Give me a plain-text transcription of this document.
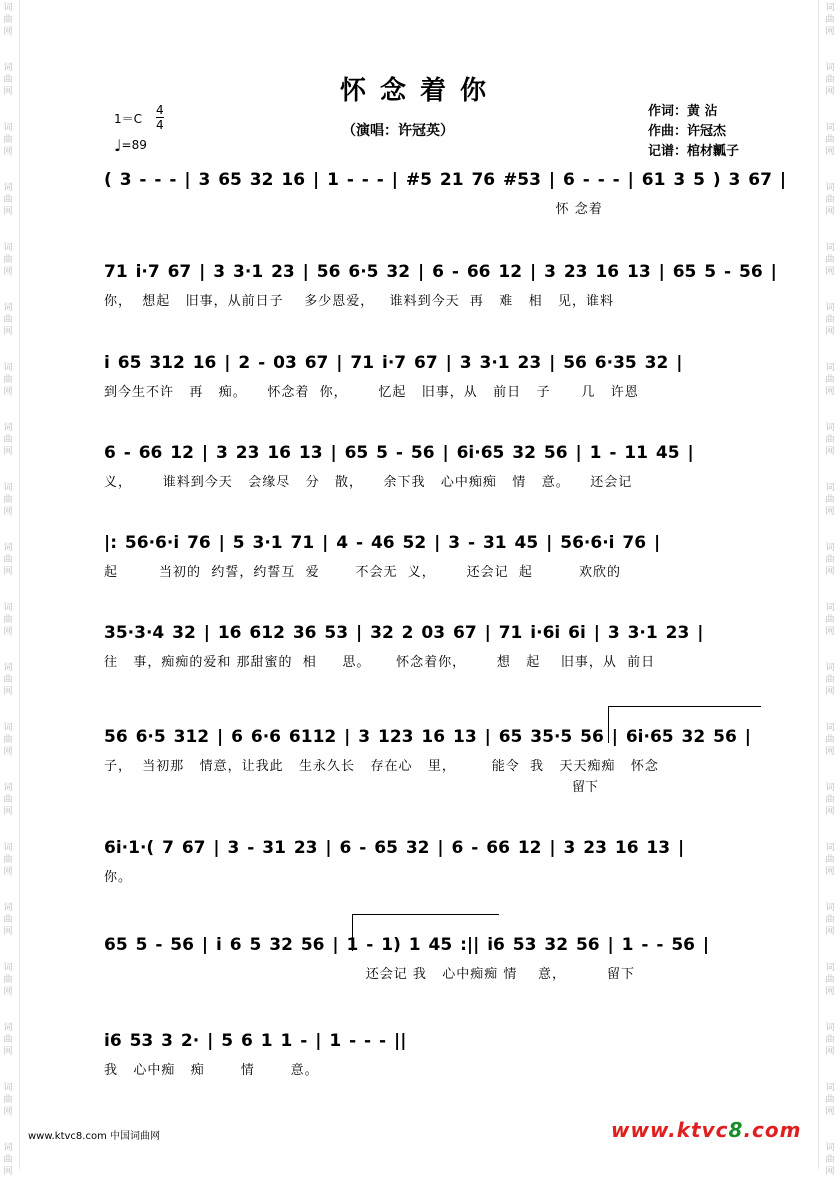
词
曲
网
词
曲
网
词
曲
网
词
曲
网
词
曲
网
词
曲
网
词
曲
网
词
曲
网
词
曲
网
词
曲
网
词
曲
网
词
曲
网
词
曲
网
词
曲
网
词
曲
网
词
曲
网
词
曲
网
词
曲
网
词
曲
网
词
曲
网
词
曲
网
词
曲
网
词
曲
网
词
曲
网
词
曲
网
词
曲
网
词
曲
网
词
曲
网
词
曲
网
词
曲
网
词
曲
网
词
曲
网
词
曲
网
词
曲
网
词
曲
网
词
曲
网
词
曲
网
词
曲
网
词
曲
网
词
曲
网
怀念着你
（演唱：许冠英）
作词：黄 沾
作曲：许冠杰
记谱：棺材瓤子
1＝C
4
4
♩=89
( 3 - - - | 3 65 32 16 | 1 - - - | #5 21 76 #53 | 6 - - - | 61 3 5 ) 3 67 |
怀 念着
71 i·7 67 | 3 3·1 23 | 56 6·5 32 | 6 - 66 12 | 3 23 16 13 | 65 5 - 56 |
你，  想起   旧事，从前日子    多少恩爱，   谁料到今天  再   难   相   见，谁料
i 65 312 16 | 2 - 03 67 | 71 i·7 67 | 3 3·1 23 | 56 6·35 32 |
到今生不许   再   痴。    怀念着  你，      忆起   旧事，从   前日   子      几   许恩
6 - 66 12 | 3 23 16 13 | 65 5 - 56 | 6i·65 32 56 | 1 - 11 45 |
义，      谁料到今天   会缘尽   分   散，    余下我   心中痴痴   情   意。    还会记
|: 56·6·i 76 | 5 3·1 71 | 4 - 46 52 | 3 - 31 45 | 56·6·i 76 |
起        当初的  约誓，约誓互  爱       不会无  义，      还会记  起         欢欣的
35·3·4 32 | 16 612 36 53 | 32 2 03 67 | 71 i·6i 6i | 3 3·1 23 |
往   事，痴痴的爱和 那甜蜜的  相     思。     怀念着你，      想   起    旧事，从  前日
56 6·5 312 | 6 6·6 6112 | 3 123 16 13 | 65 35·5 56 | 6i·65 32 56 |
子，  当初那   情意，让我此   生永久长   存在心   里，       能令  我   天天痴痴   怀念
留下
6i·1·( 7 67 | 3 - 31 23 | 6 - 65 32 | 6 - 66 12 | 3 23 16 13 |
你。
65 5 - 56 | i 6 5 32 56 | 1 - 1) 1 45 :|| i6 53 32 56 | 1 - - 56 |
还会记 我   心中痴痴 情    意，        留下
i6 53 3 2· | 5 6 1 1 - | 1 - - - ||
我   心中痴   痴       情       意。
www.ktvc8.com 中国词曲网	www.ktvc8.com
